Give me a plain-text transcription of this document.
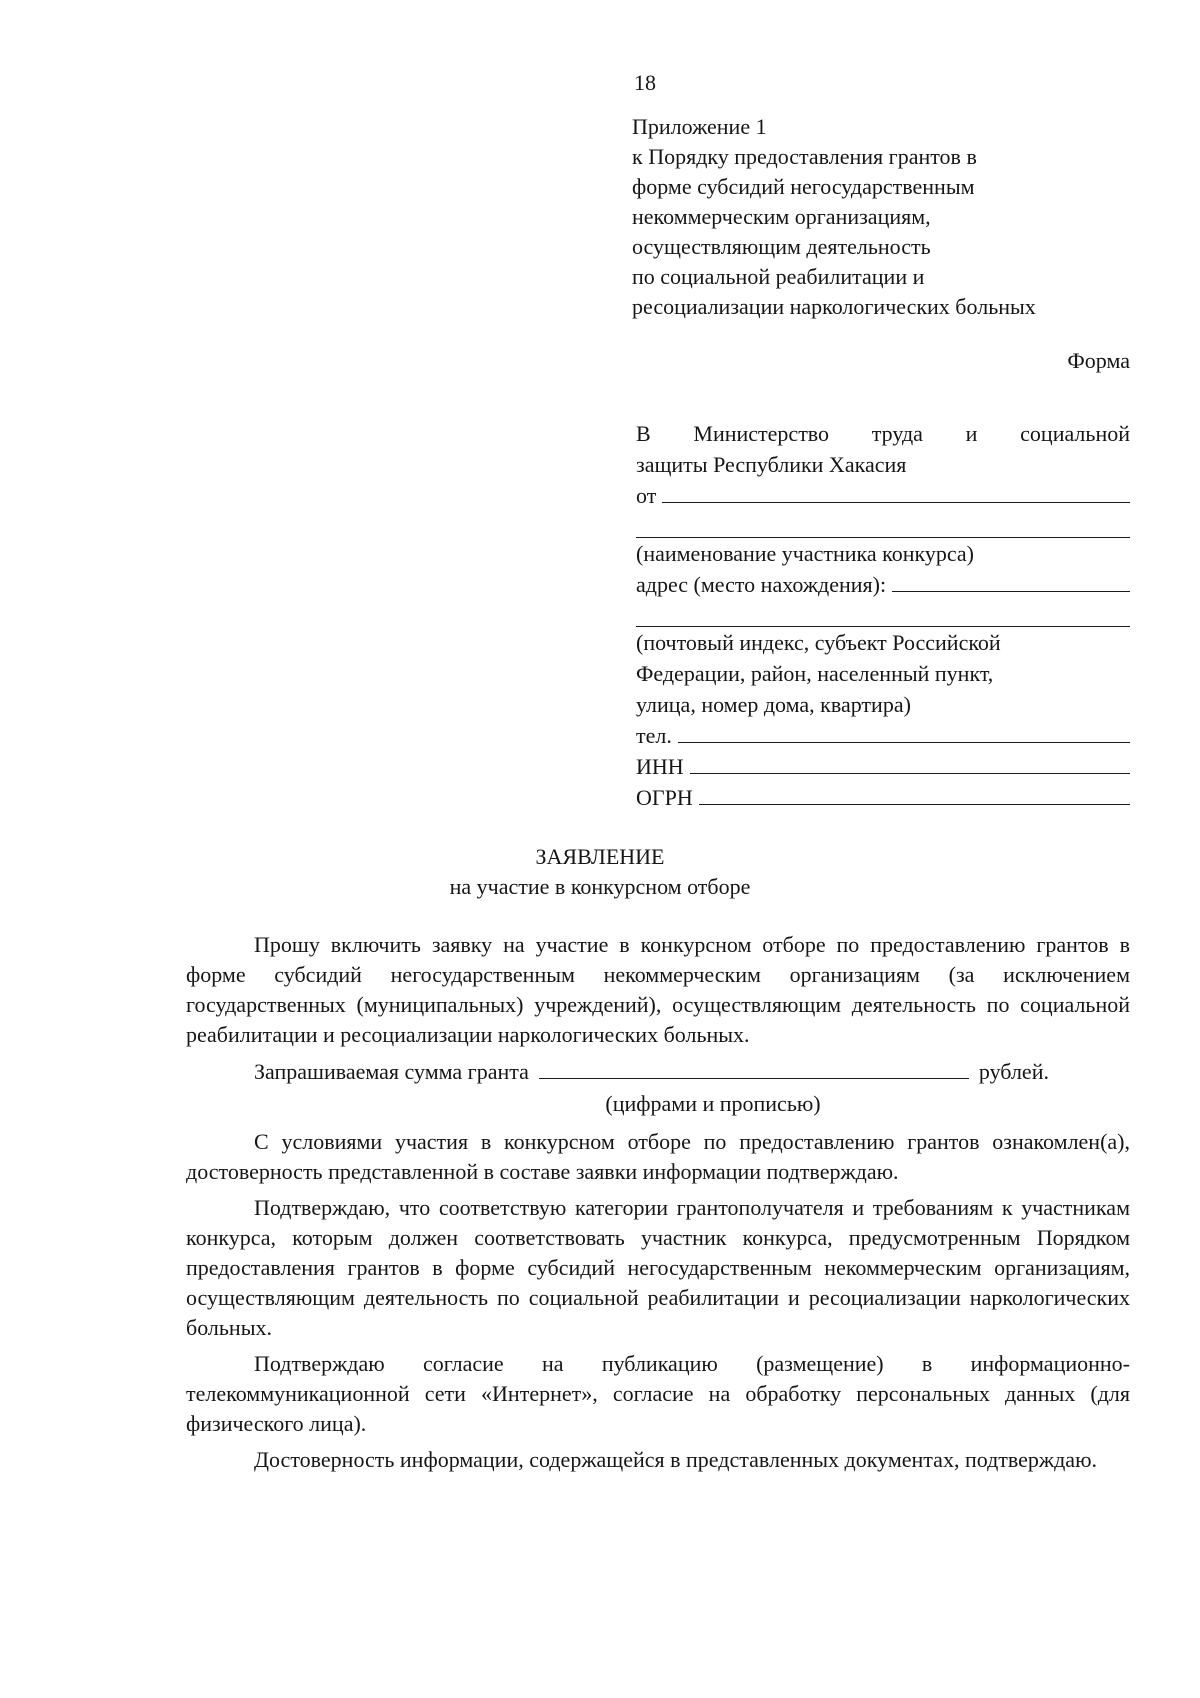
18
Приложение 1
к Порядку предоставления грантов в
форме субсидий негосударственным
некоммерческим организациям,
осуществляющим деятельность
по социальной реабилитации и
ресоциализации наркологических больных
Форма
В Министерство труда и социальной
защиты Республики Хакасия
от
(наименование участника конкурса)
адрес (место нахождения):
(почтовый индекс, субъект Российской
Федерации, район, населенный пункт,
улица, номер дома, квартира)
тел.
ИНН
ОГРН
ЗАЯВЛЕНИЕ
на участие в конкурсном отборе

Прошу включить заявку на участие в конкурсном отборе по предоставлению грантов в форме субсидий негосударственным некоммерческим организациям (за исключением государственных (муниципальных) учреждений), осуществляющим деятельность по социальной реабилитации и ресоциализации наркологических больных.

Запрашиваемая сумма гранта	рублей.
(цифрами и прописью)

С условиями участия в конкурсном отборе по предоставлению грантов ознакомлен(а), достоверность представленной в составе заявки информации подтверждаю.

Подтверждаю, что соответствую категории грантополучателя и требованиям к участникам конкурса, которым должен соответствовать участник конкурса, предусмотренным Порядком предоставления грантов в форме субсидий негосударственным некоммерческим организациям, осуществляющим деятельность по социальной реабилитации и ресоциализации наркологических больных.

Подтверждаю согласие на публикацию (размещение) в информационно-телекоммуникационной сети «Интернет», согласие на обработку персональных данных (для физического лица).

Достоверность информации, содержащейся в представленных документах, подтверждаю.
